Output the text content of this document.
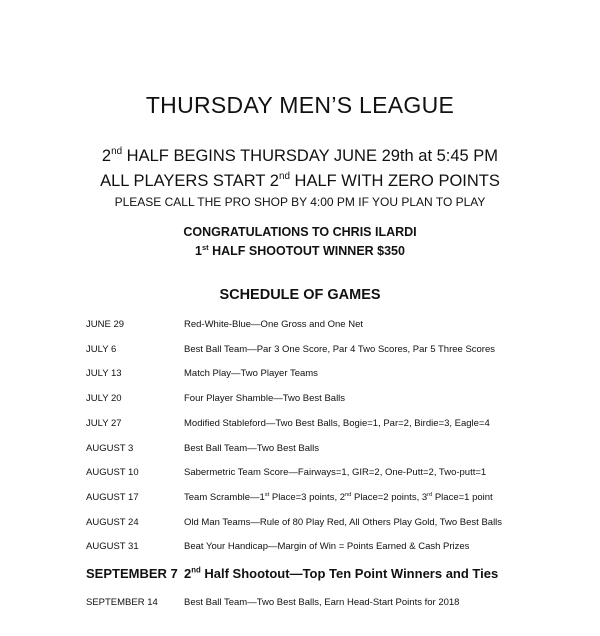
THURSDAY MEN’S LEAGUE
2nd HALF BEGINS THURSDAY JUNE 29th at 5:45 PM
ALL PLAYERS START 2nd HALF WITH ZERO POINTS
PLEASE CALL THE PRO SHOP BY 4:00 PM IF YOU PLAN TO PLAY
CONGRATULATIONS TO CHRIS ILARDI
1st HALF SHOOTOUT WINNER $350
SCHEDULE OF GAMES
JUNE 29	Red-White-Blue—One Gross and One Net
JULY 6	Best Ball Team—Par 3 One Score, Par 4 Two Scores, Par 5 Three Scores
JULY 13	Match Play—Two Player Teams
JULY 20	Four Player Shamble—Two Best Balls
JULY 27	Modified Stableford—Two Best Balls, Bogie=1, Par=2, Birdie=3, Eagle=4
AUGUST 3	Best Ball Team—Two Best Balls
AUGUST 10	Sabermetric Team Score—Fairways=1, GIR=2, One-Putt=2, Two-putt=1
AUGUST 17	Team Scramble—1st Place=3 points, 2nd Place=2 points, 3rd Place=1 point
AUGUST 24	Old Man Teams—Rule of 80 Play Red, All Others Play Gold, Two Best Balls
AUGUST 31	Beat Your Handicap—Margin of Win = Points Earned & Cash Prizes
SEPTEMBER 7 2nd Half Shootout—Top Ten Point Winners and Ties
SEPTEMBER 14	Best Ball Team—Two Best Balls, Earn Head-Start Points for 2018
